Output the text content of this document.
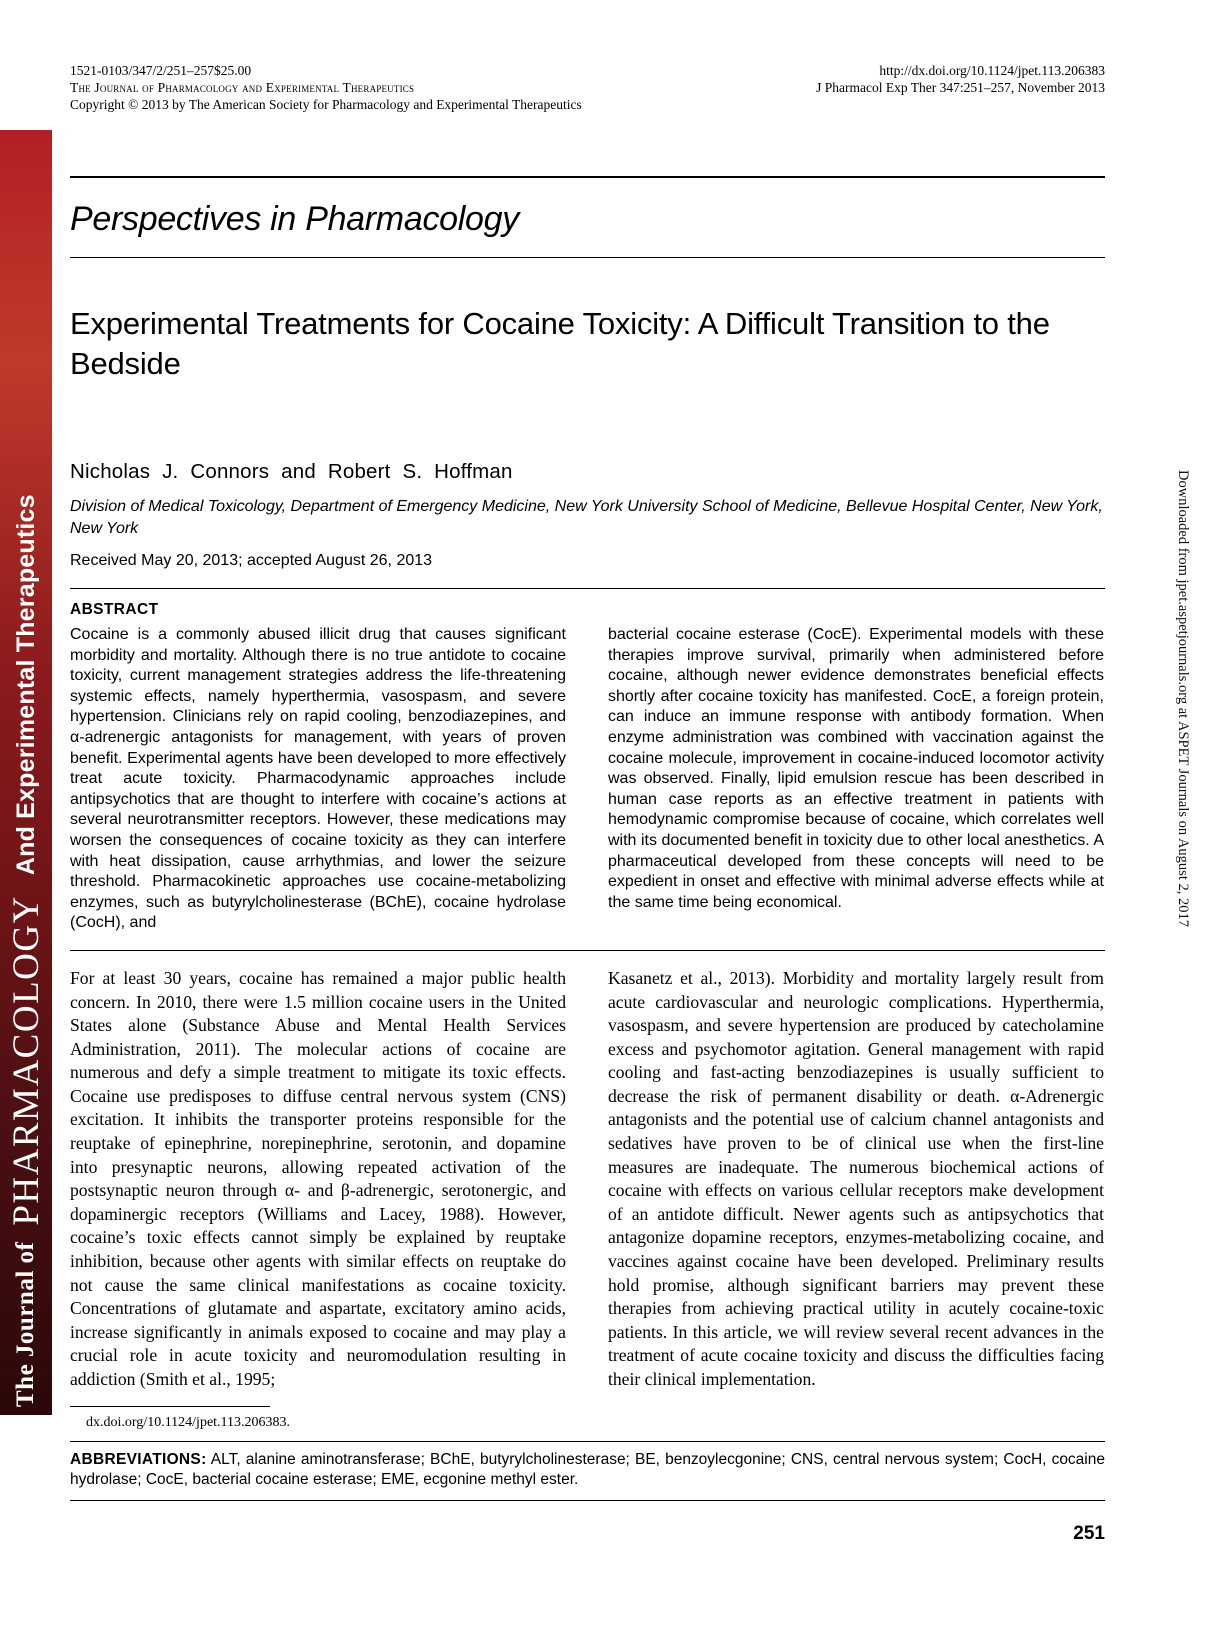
The Journal of
PHARMACOLOGY
And Experimental Therapeutics	Downloaded from jpet.aspetjournals.org at ASPET Journals on August 2, 2017
1521-0103/347/2/251–257$25.00
The Journal of Pharmacology and Experimental Therapeutics
Copyright © 2013 by The American Society for Pharmacology and Experimental Therapeutics
http://dx.doi.org/10.1124/jpet.113.206383
J Pharmacol Exp Ther 347:251–257, November 2013
Perspectives in Pharmacology
Experimental Treatments for Cocaine Toxicity: A Difficult Transition to the Bedside
Nicholas J. Connors and Robert S. Hoffman
Division of Medical Toxicology, Department of Emergency Medicine, New York University School of Medicine, Bellevue Hospital Center, New York, New York
Received May 20, 2013; accepted August 26, 2013
ABSTRACT
Cocaine is a commonly abused illicit drug that causes significant morbidity and mortality. Although there is no true antidote to cocaine toxicity, current management strategies address the life-threatening systemic effects, namely hyperthermia, vasospasm, and severe hypertension. Clinicians rely on rapid cooling, benzodiazepines, and α-adrenergic antagonists for management, with years of proven benefit. Experimental agents have been developed to more effectively treat acute toxicity. Pharmacodynamic approaches include antipsychotics that are thought to interfere with cocaine’s actions at several neurotransmitter receptors. However, these medications may worsen the consequences of cocaine toxicity as they can interfere with heat dissipation, cause arrhythmias, and lower the seizure threshold. Pharmacokinetic approaches use cocaine-metabolizing enzymes, such as butyrylcholinesterase (BChE), cocaine hydrolase (CocH), and
bacterial cocaine esterase (CocE). Experimental models with these therapies improve survival, primarily when administered before cocaine, although newer evidence demonstrates beneficial effects shortly after cocaine toxicity has manifested. CocE, a foreign protein, can induce an immune response with antibody formation. When enzyme administration was combined with vaccination against the cocaine molecule, improvement in cocaine-induced locomotor activity was observed. Finally, lipid emulsion rescue has been described in human case reports as an effective treatment in patients with hemodynamic compromise because of cocaine, which correlates well with its documented benefit in toxicity due to other local anesthetics. A pharmaceutical developed from these concepts will need to be expedient in onset and effective with minimal adverse effects while at the same time being economical.
For at least 30 years, cocaine has remained a major public health concern. In 2010, there were 1.5 million cocaine users in the United States alone (Substance Abuse and Mental Health Services Administration, 2011). The molecular actions of cocaine are numerous and defy a simple treatment to mitigate its toxic effects. Cocaine use predisposes to diffuse central nervous system (CNS) excitation. It inhibits the transporter proteins responsible for the reuptake of epinephrine, norepinephrine, serotonin, and dopamine into presynaptic neurons, allowing repeated activation of the postsynaptic neuron through α- and β-adrenergic, serotonergic, and dopaminergic receptors (Williams and Lacey, 1988). However, cocaine’s toxic effects cannot simply be explained by reuptake inhibition, because other agents with similar effects on reuptake do not cause the same clinical manifestations as cocaine toxicity. Concentrations of glutamate and aspartate, excitatory amino acids, increase significantly in animals exposed to cocaine and may play a crucial role in acute toxicity and neuromodulation resulting in addiction (Smith et al., 1995;
dx.doi.org/10.1124/jpet.113.206383.
Kasanetz et al., 2013). Morbidity and mortality largely result from acute cardiovascular and neurologic complications. Hyperthermia, vasospasm, and severe hypertension are produced by catecholamine excess and psychomotor agitation. General management with rapid cooling and fast-acting benzodiazepines is usually sufficient to decrease the risk of permanent disability or death. α-Adrenergic antagonists and the potential use of calcium channel antagonists and sedatives have proven to be of clinical use when the first-line measures are inadequate. The numerous biochemical actions of cocaine with effects on various cellular receptors make development of an antidote difficult. Newer agents such as antipsychotics that antagonize dopamine receptors, enzymes-metabolizing cocaine, and vaccines against cocaine have been developed. Preliminary results hold promise, although significant barriers may prevent these therapies from achieving practical utility in acutely cocaine-toxic patients. In this article, we will review several recent advances in the treatment of acute cocaine toxicity and discuss the difficulties facing their clinical implementation.
ABBREVIATIONS: ALT, alanine aminotransferase; BChE, butyrylcholinesterase; BE, benzoylecgonine; CNS, central nervous system; CocH, cocaine hydrolase; CocE, bacterial cocaine esterase; EME, ecgonine methyl ester.
251
